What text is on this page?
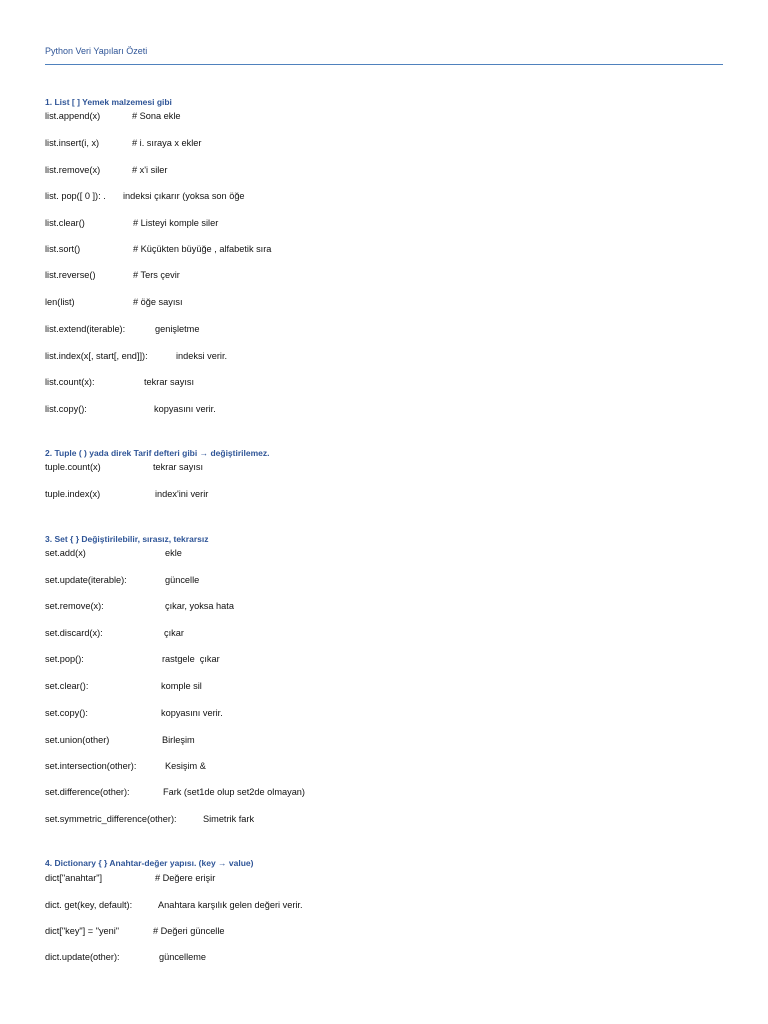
Python Veri Yapıları Özeti
1. List [ ] Yemek malzemesi gibi
list.append(x)	# Sona ekle
list.insert(i, x)	# i. sıraya x ekler
list.remove(x)	# x'i siler
list. pop([ 0 ]): . indeksi çıkarır (yoksa son öğe
list.clear()	# Listeyi komple siler
list.sort()	# Küçükten büyüğe , alfabetik sıra
list.reverse()	# Ters çevir
len(list)	# öğe sayısı
list.extend(iterable):	genişletme
list.index(x[, start[, end]]):	indeksi verir.
list.count(x):	tekrar sayısı
list.copy():	kopyasını verir.
2. Tuple ( ) yada direk Tarif defteri gibi → değiştirilemez.
tuple.count(x)	tekrar sayısı
tuple.index(x)	index'ini verir
3. Set { } Değiştirilebilir, sırasız, tekrarsız
set.add(x)	ekle
set.update(iterable):	güncelle
set.remove(x):	çıkar, yoksa hata
set.discard(x):	çıkar
set.pop():	rastgele  çıkar
set.clear():	komple sil
set.copy():	kopyasını verir.
set.union(other)	Birleşim
set.intersection(other):	Kesişim &
set.difference(other):	Fark (set1de olup set2de olmayan)
set.symmetric_difference(other):	Simetrik fark
4. Dictionary { } Anahtar-değer yapısı. (key → value)
dict["anahtar"]	# Değere erişir
dict. get(key, default):	Anahtara karşılık gelen değeri verir.
dict["key"] = "yeni"	# Değeri güncelle
dict.update(other):	güncelleme
